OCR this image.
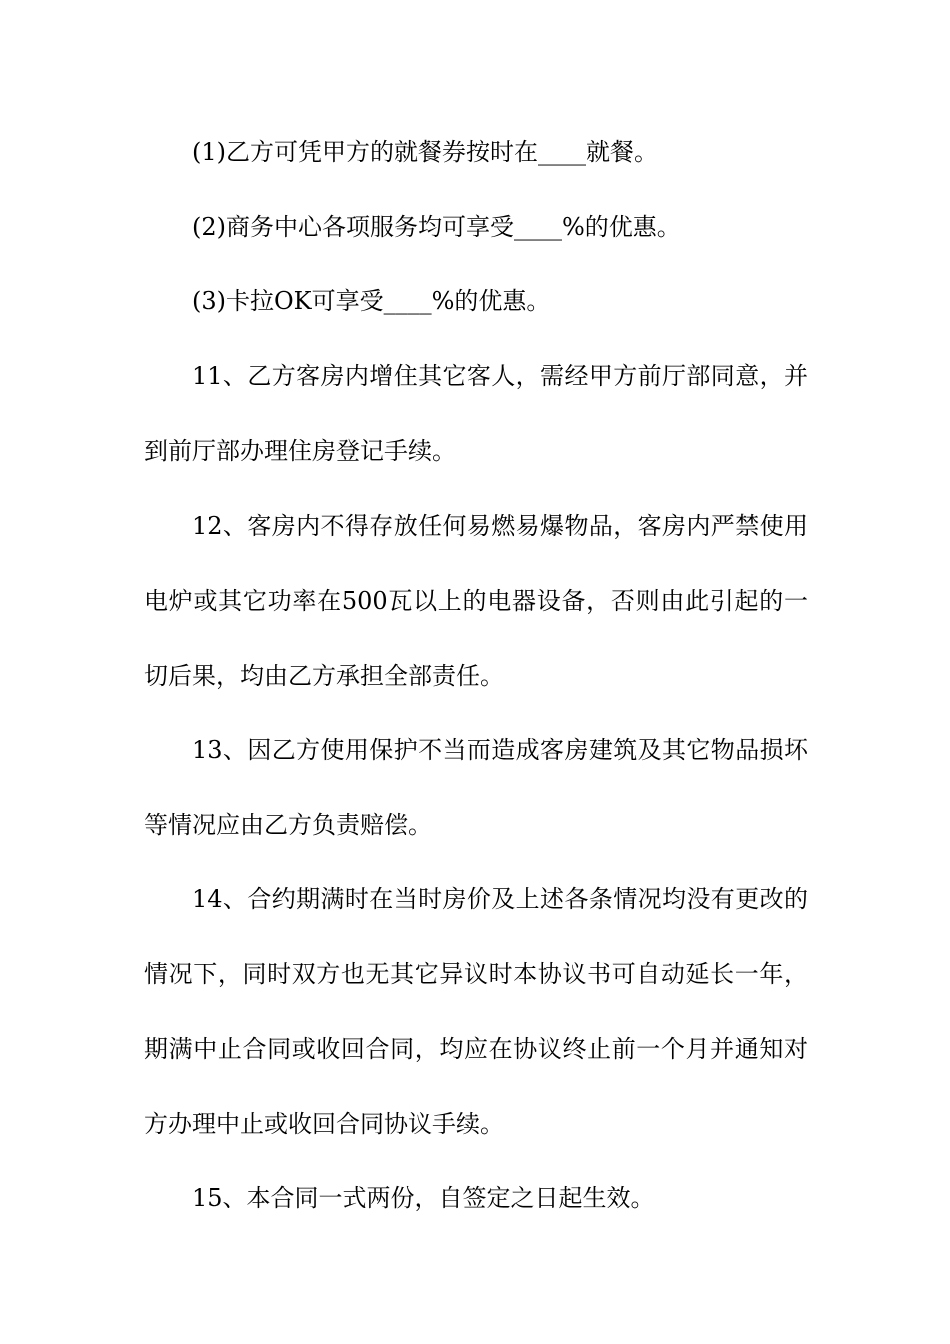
(1)乙方可凭甲方的就餐券按时在____就餐。

(2)商务中心各项服务均可享受____%的优惠。

(3)卡拉OK可享受____%的优惠。

11、乙方客房内增住其它客人，需经甲方前厅部同意，并到前厅部办理住房登记手续。

12、客房内不得存放任何易燃易爆物品，客房内严禁使用电炉或其它功率在500瓦以上的电器设备，否则由此引起的一切后果，均由乙方承担全部责任。

13、因乙方使用保护不当而造成客房建筑及其它物品损坏等情况应由乙方负责赔偿。

14、合约期满时在当时房价及上述各条情况均没有更改的情况下，同时双方也无其它异议时本协议书可自动延长一年，期满中止合同或收回合同，均应在协议终止前一个月并通知对方办理中止或收回合同协议手续。

15、本合同一式两份，自签定之日起生效。
